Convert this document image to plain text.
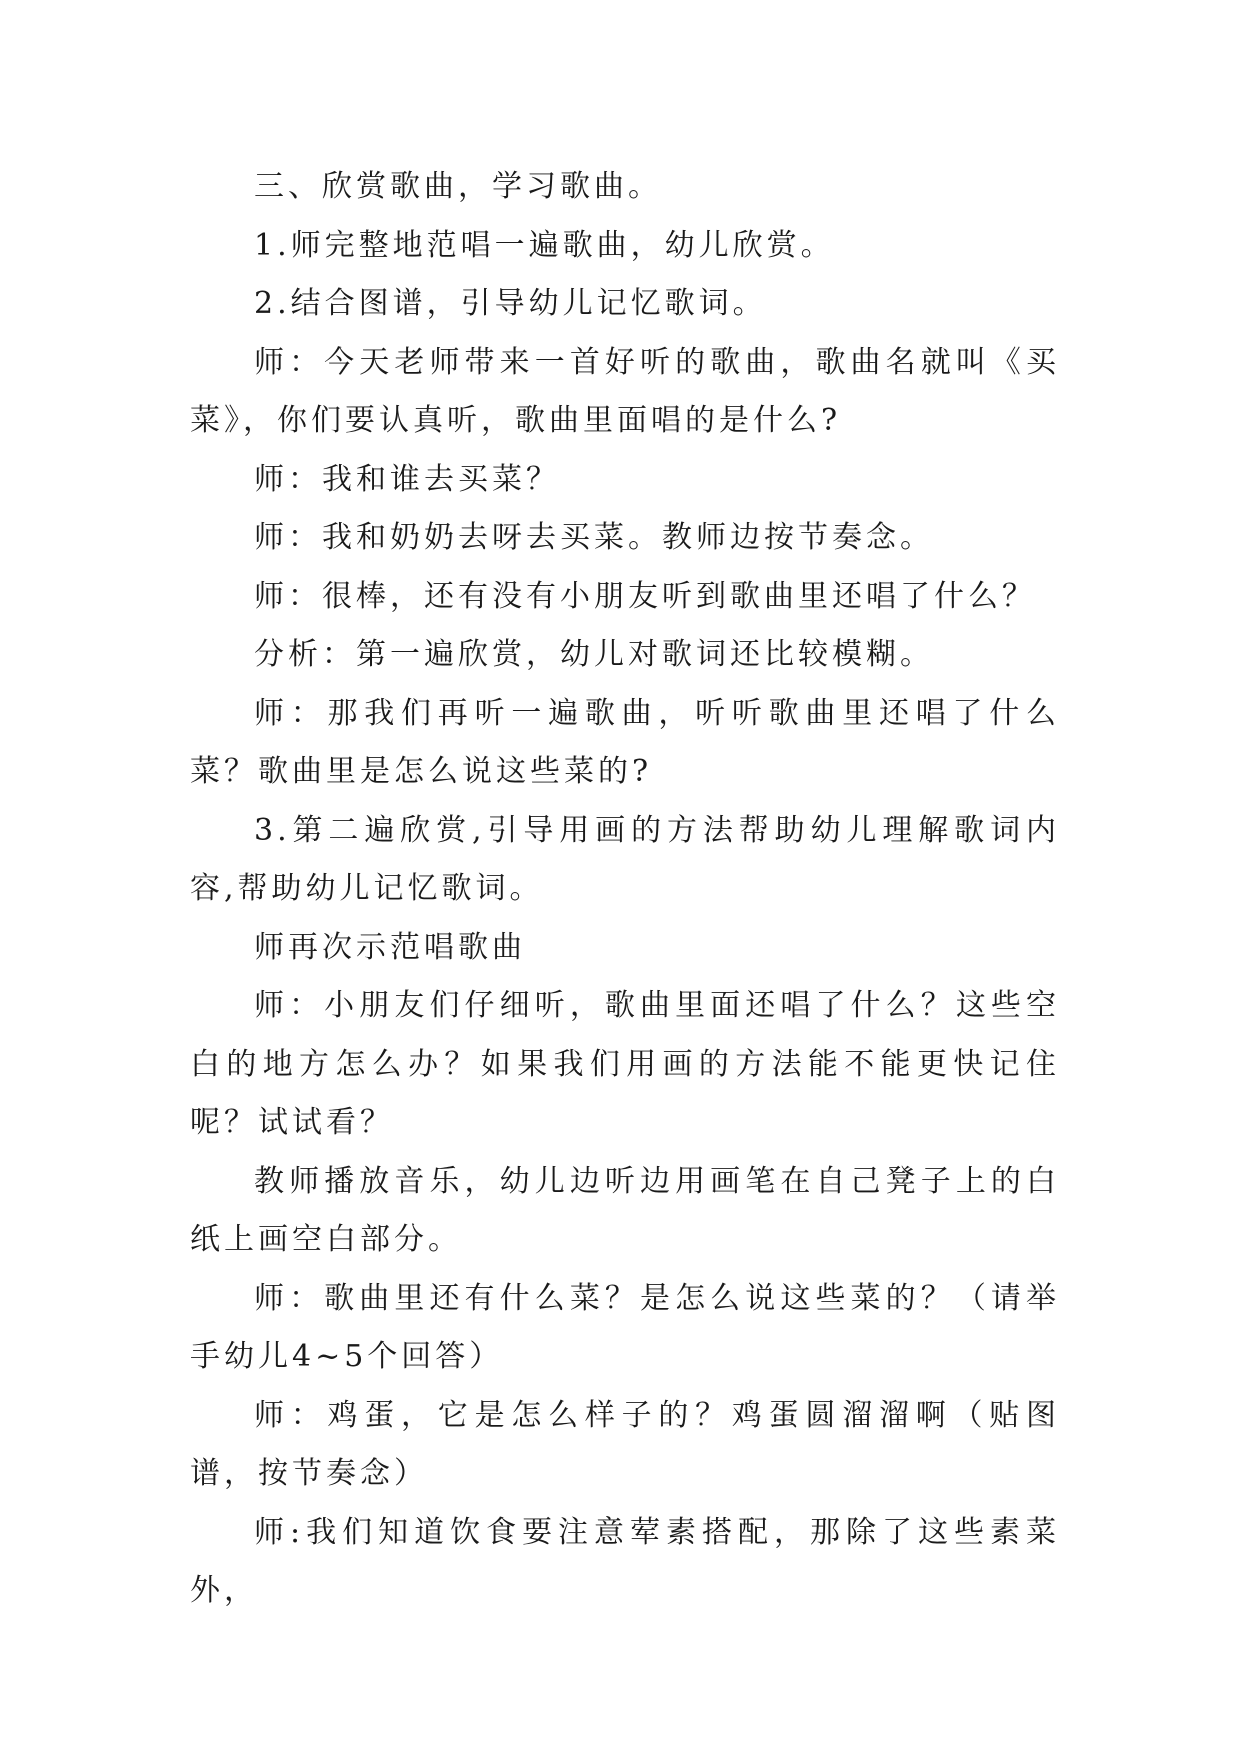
三、欣赏歌曲，学习歌曲。

1.师完整地范唱一遍歌曲，幼儿欣赏。

2.结合图谱，引导幼儿记忆歌词。

师：今天老师带来一首好听的歌曲，歌曲名就叫《买菜》，你们要认真听，歌曲里面唱的是什么?

师：我和谁去买菜？

师：我和奶奶去呀去买菜。教师边按节奏念。

师：很棒，还有没有小朋友听到歌曲里还唱了什么？

分析：第一遍欣赏，幼儿对歌词还比较模糊。

师：那我们再听一遍歌曲，听听歌曲里还唱了什么菜？歌曲里是怎么说这些菜的?

3.第二遍欣赏,引导用画的方法帮助幼儿理解歌词内容,帮助幼儿记忆歌词。

师再次示范唱歌曲

师：小朋友们仔细听，歌曲里面还唱了什么？这些空白的地方怎么办？如果我们用画的方法能不能更快记住呢？试试看？

教师播放音乐，幼儿边听边用画笔在自己凳子上的白纸上画空白部分。

师：歌曲里还有什么菜？是怎么说这些菜的？（请举手幼儿4~5个回答）

师：鸡蛋，它是怎么样子的？鸡蛋圆溜溜啊（贴图谱，按节奏念）

师:我们知道饮食要注意荤素搭配，那除了这些素菜外，
